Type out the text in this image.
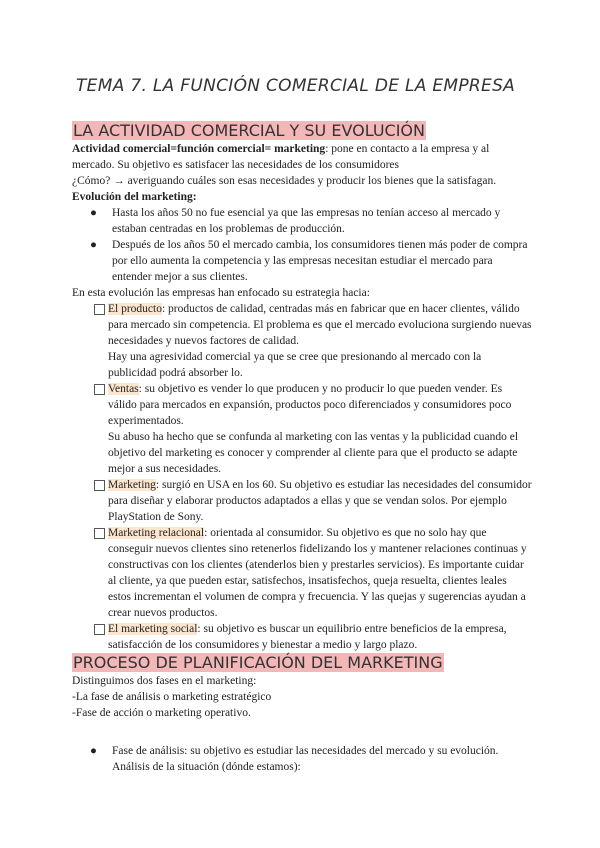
TEMA 7. LA FUNCIÓN COMERCIAL DE LA EMPRESA
LA ACTIVIDAD COMERCIAL Y SU EVOLUCIÓN

Actividad comercial=función comercial= marketing: pone en contacto a la empresa y al mercado. Su objetivo es satisfacer las necesidades de los consumidores

¿Cómo? → averiguando cuáles son esas necesidades y producir los bienes que la satisfagan.

Evolución del marketing:

● Hasta los años 50 no fue esencial ya que las empresas no tenían acceso al mercado y estaban centradas en los problemas de producción.
● Después de los años 50 el mercado cambia, los consumidores tienen más poder de compra por ello aumenta la competencia y las empresas necesitan estudiar el mercado para entender mejor a sus clientes.

En esta evolución las empresas han enfocado su estrategia hacia:

El producto: productos de calidad, centradas más en fabricar que en hacer clientes, válido para mercado sin competencia. El problema es que el mercado evoluciona surgiendo nuevas necesidades y nuevos factores de calidad.

Hay una agresividad comercial ya que se cree que presionando al mercado con la publicidad podrá absorber lo.

Ventas: su objetivo es vender lo que producen y no producir lo que pueden vender. Es válido para mercados en expansión, productos poco diferenciados y consumidores poco experimentados.

Su abuso ha hecho que se confunda al marketing con las ventas y la publicidad cuando el objetivo del marketing es conocer y comprender al cliente para que el producto se adapte mejor a sus necesidades.

Marketing: surgió en USA en los 60. Su objetivo es estudiar las necesidades del consumidor para diseñar y elaborar productos adaptados a ellas y que se vendan solos. Por ejemplo PlayStation de Sony.

Marketing relacional: orientada al consumidor. Su objetivo es que no solo hay que conseguir nuevos clientes sino retenerlos fidelizando los y mantener relaciones continuas y constructivas con los clientes (atenderlos bien y prestarles servicios). Es importante cuidar al cliente, ya que pueden estar, satisfechos, insatisfechos, queja resuelta, clientes leales estos incrementan el volumen de compra y frecuencia. Y las quejas y sugerencias ayudan a crear nuevos productos.

El marketing social: su objetivo es buscar un equilibrio entre beneficios de la empresa, satisfacción de los consumidores y bienestar a medio y largo plazo.

PROCESO DE PLANIFICACIÓN DEL MARKETING

Distinguimos dos fases en el marketing:

-La fase de análisis o marketing estratégico

-Fase de acción o marketing operativo.

● Fase de análisis: su objetivo es estudiar las necesidades del mercado y su evolución. Análisis de la situación (dónde estamos):
